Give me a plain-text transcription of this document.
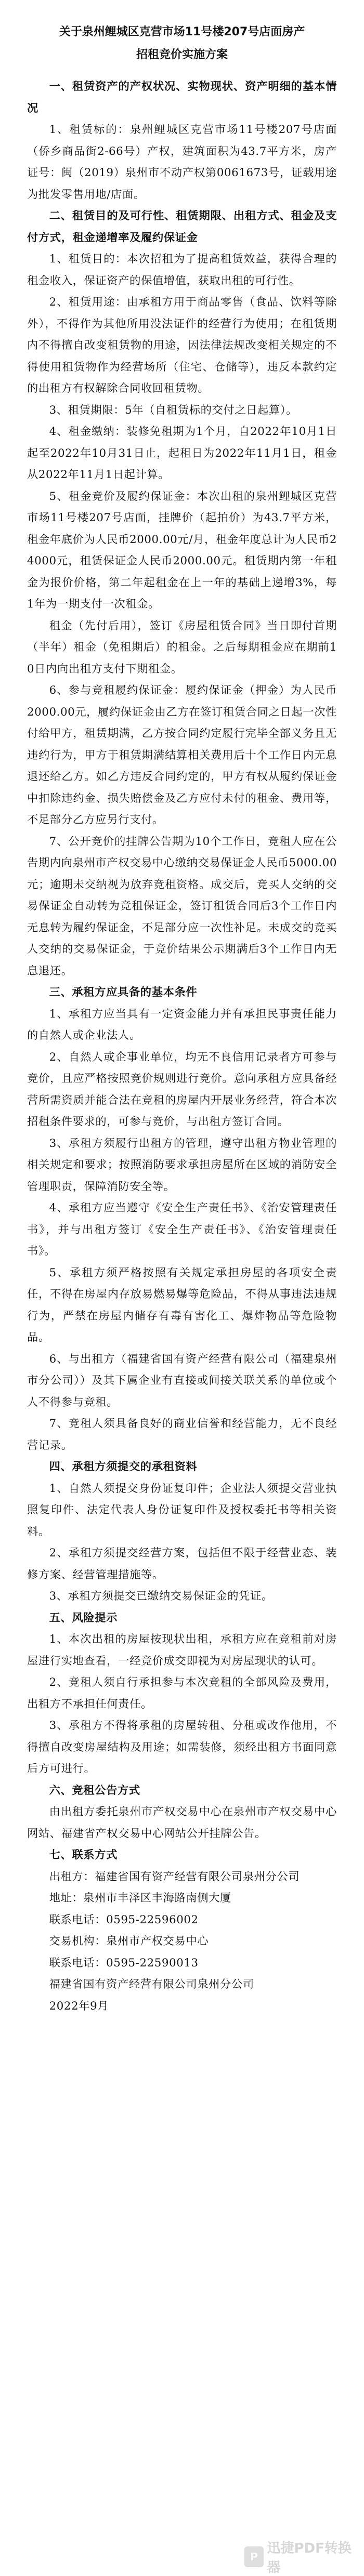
关于泉州鲤城区克营市场11号楼207号店面房产
招租竞价实施方案

一、租赁资产的产权状况、实物现状、资产明细的基本情况

1、租赁标的：泉州鲤城区克营市场11号楼207号店面（侨乡商品街2-66号）产权，建筑面积为43.7平方米，房产证号：闽（2019）泉州市不动产权第0061673号，证载用途为批发零售用地/店面。

二、租赁目的及可行性、租赁期限、出租方式、租金及支付方式，租金递增率及履约保证金

1、租赁目的：本次招租为了提高租赁效益，获得合理的租金收入，保证资产的保值增值，获取出租的可行性。

2、租赁用途：由承租方用于商品零售（食品、饮料等除外），不得作为其他所用没法证件的经营行为使用；在租赁期内不得擅自改变租赁物的用途，因法律法规改变相关规定的不得使用租赁物作为经营场所（住宅、仓储等），违反本款约定的出租方有权解除合同收回租赁物。

3、租赁期限：5年（自租赁标的交付之日起算）。

4、租金缴纳：装修免租期为1个月，自2022年10月1日起至2022年10月31日止，起租日为2022年11月1日，租金从2022年11月1日起计算。

5、租金竞价及履约保证金：本次出租的泉州鲤城区克营市场11号楼207号店面，挂牌价（起拍价）为43.7平方米，租金年底价为人民币2000.00元/月，租金年度总计为人民币24000元，租赁保证金人民币2000.00元。租赁期内第一年租金为报价价格，第二年起租金在上一年的基础上递增3%，每1年为一期支付一次租金。

租金（先付后用），签订《房屋租赁合同》当日即付首期（半年）租金（免租期后）的租金。之后每期租金应在期前10日内向出租方支付下期租金。

6、参与竞租履约保证金：履约保证金（押金）为人民币2000.00元，履约保证金由乙方在签订租赁合同之日起一次性付给甲方，租赁期满，乙方按合同约定履行完毕全部义务且无违约行为，甲方于租赁期满结算相关费用后十个工作日内无息退还给乙方。如乙方违反合同约定的，甲方有权从履约保证金中扣除违约金、损失赔偿金及乙方应付未付的租金、费用等，不足部分乙方应另行支付。

7、公开竞价的挂牌公告期为10个工作日，竞租人应在公告期内向泉州市产权交易中心缴纳交易保证金人民币5000.00元；逾期未交纳视为放弃竞租资格。成交后，竞买人交纳的交易保证金自动转为竞租保证金，签订租赁合同后3个工作日内无息转为履约保证金，不足部分应一次性补足。未成交的竞买人交纳的交易保证金，于竞价结果公示期满后3个工作日内无息退还。

三、承租方应具备的基本条件

1、承租方应当具有一定资金能力并有承担民事责任能力的自然人或企业法人。

2、自然人或企事业单位，均无不良信用记录者方可参与竞价，且应严格按照竞价规则进行竞价。意向承租方应具备经营所需资质并能合法在竞租的房屋内开展业务经营，符合本次招租条件要求的，可参与竞价，与出租方签订合同。

3、承租方须履行出租方的管理，遵守出租方物业管理的相关规定和要求；按照消防要求承担房屋所在区域的消防安全管理职责，保障消防安全等。

4、承租方应当遵守《安全生产责任书》、《治安管理责任书》，并与出租方签订《安全生产责任书》、《治安管理责任书》。

5、承租方须严格按照有关规定承担房屋的各项安全责任，不得在房屋内存放易燃易爆等危险品，不得从事违法违规行为，严禁在房屋内储存有毒有害化工、爆炸物品等危险物品。

6、与出租方（福建省国有资产经营有限公司（福建泉州市分公司））及其下属企业有直接或间接关联关系的单位或个人不得参与竞租。

7、竞租人须具备良好的商业信誉和经营能力，无不良经营记录。

四、承租方须提交的承租资料

1、自然人须提交身份证复印件；企业法人须提交营业执照复印件、法定代表人身份证复印件及授权委托书等相关资料。

2、承租方须提交经营方案，包括但不限于经营业态、装修方案、经营管理措施等。

3、承租方须提交已缴纳交易保证金的凭证。

五、风险提示

1、本次出租的房屋按现状出租，承租方应在竞租前对房屋进行实地查看，一经竞价成交即视为对房屋现状的认可。

2、竞租人须自行承担参与本次竞租的全部风险及费用，出租方不承担任何责任。

3、承租方不得将承租的房屋转租、分租或改作他用，不得擅自改变房屋结构及用途；如需装修，须经出租方书面同意后方可进行。

六、竞租公告方式

由出租方委托泉州市产权交易中心在泉州市产权交易中心网站、福建省产权交易中心网站公开挂牌公告。

七、联系方式

出租方：福建省国有资产经营有限公司泉州分公司

地址：泉州市丰泽区丰海路南侧大厦

联系电话：0595-22596002

交易机构：泉州市产权交易中心

联系电话：0595-22590013

福建省国有资产经营有限公司泉州分公司

2022年9月

P
迅捷PDF转换器
